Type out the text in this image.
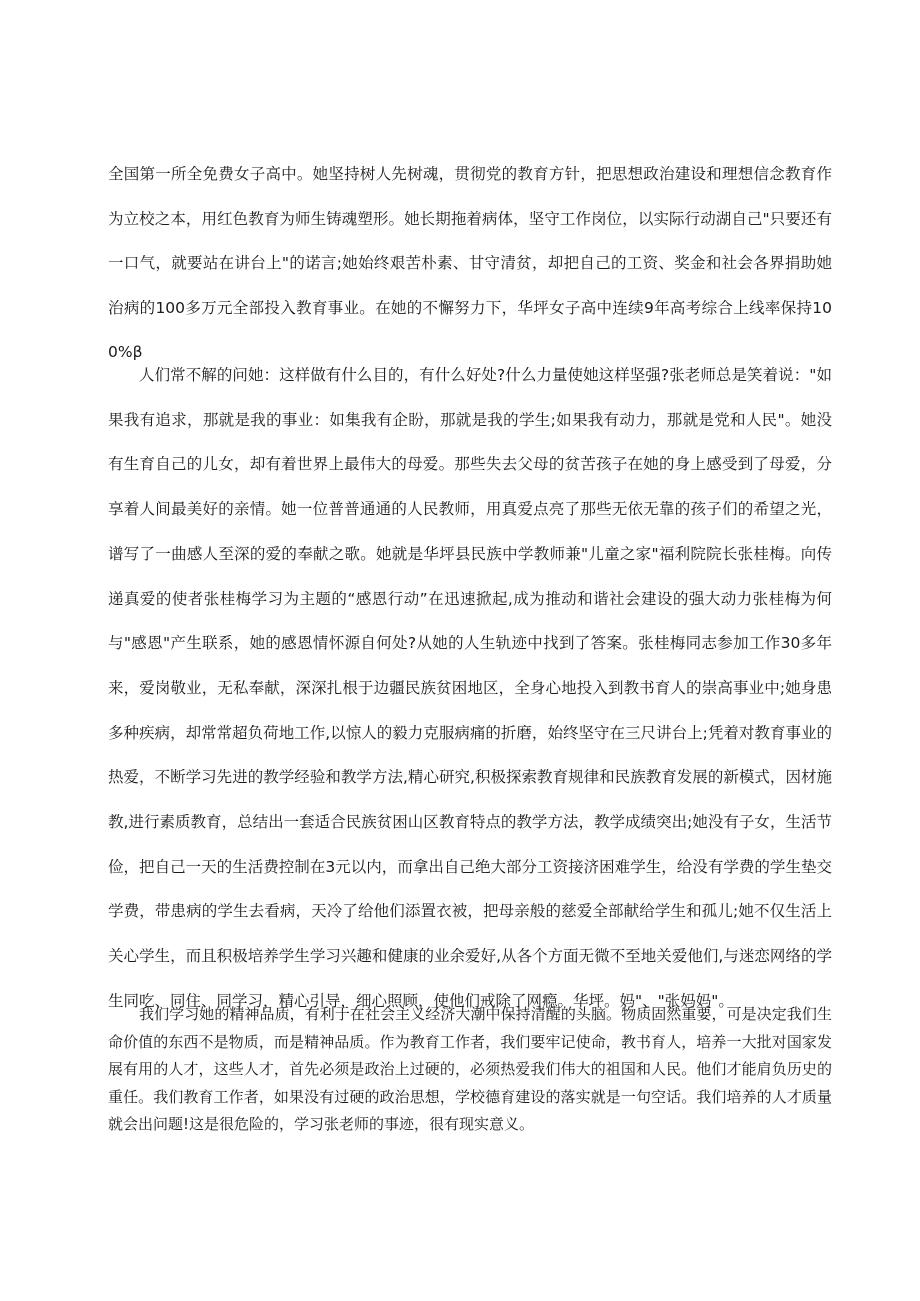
全国第一所全免费女子高中。她坚持树人先树魂，贯彻党的教育方针，把思想政治建设和理想信念教育作为立校之本，用红色教育为师生铸魂塑形。她长期拖着病体，坚守工作岗位，以实际行动湖自己"只要还有一口气，就要站在讲台上"的诺言;她始终艰苦朴素、甘守清贫，却把自己的工资、奖金和社会各界捐助她治病的100多万元全部投入教育事业。在她的不懈努力下，华坪女子高中连续9年高考综合上线率保持100%β

人们常不解的问她：这样做有什么目的，有什么好处?什么力量使她这样坚强?张老师总是笑着说："如果我有追求，那就是我的事业：如集我有企盼，那就是我的学生;如果我有动力，那就是党和人民"。她没有生育自己的儿女，却有着世界上最伟大的母爱。那些失去父母的贫苦孩子在她的身上感受到了母爱，分享着人间最美好的亲情。她一位普普通通的人民教师，用真爱点亮了那些无依无靠的孩子们的希望之光，谱写了一曲感人至深的爱的奉献之歌。她就是华坪县民族中学教师兼"儿童之家"福利院院长张桂梅。向传递真爱的使者张桂梅学习为主题的“感恩行动”在迅速掀起,成为推动和谐社会建设的强大动力张桂梅为何与"感恩"产生联系，她的感恩情怀源自何处?从她的人生轨迹中找到了答案。张桂梅同志参加工作30多年来，爱岗敬业，无私奉献，深深扎根于边疆民族贫困地区，全身心地投入到教书育人的崇高事业中;她身患多种疾病，却常常超负荷地工作,以惊人的毅力克服病痛的折磨，始终坚守在三尺讲台上;凭着对教育事业的热爱，不断学习先进的教学经验和教学方法,精心研究,积极探索教育规律和民族教育发展的新模式，因材施教,进行素质教育，总结出一套适合民族贫困山区教育特点的教学方法，教学成绩突出;她没有子女，生活节俭，把自己一天的生活费控制在3元以内，而拿出自己绝大部分工资接济困难学生，给没有学费的学生垫交学费，带患病的学生去看病，天冷了给他们添置衣被，把母亲般的慈爱全部献给学生和孤儿;她不仅生活上关心学生，而且积极培养学生学习兴趣和健康的业余爱好,从各个方面无微不至地关爱他们,与迷恋网络的学生同吃、同住、同学习，精心引导，细心照顾，使他们戒除了网瘾。华坪。妈"、"张妈妈"。

我们学习她的精神品质，有利于在社会主义经济大潮中保持清醒的头脑。物质固然重要，可是决定我们生命价值的东西不是物质，而是精神品质。作为教育工作者，我们要牢记使命，教书育人，培养一大批对国家发展有用的人才，这些人才，首先必须是政治上过硬的，必须热爱我们伟大的祖国和人民。他们才能肩负历史的重任。我们教育工作者，如果没有过硬的政治思想，学校德育建设的落实就是一句空话。我们培养的人才质量就会出问题!这是很危险的，学习张老师的事迹，很有现实意义。
